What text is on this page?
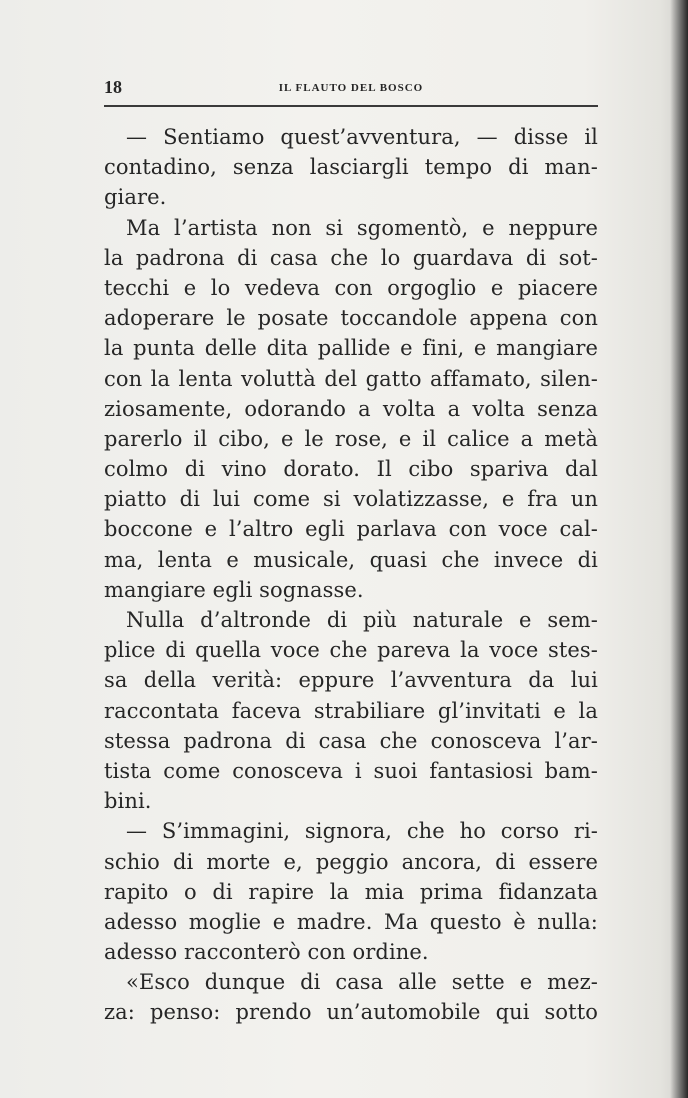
18	IL FLAUTO DEL BOSCO
— Sentiamo quest’avventura, — disse il
contadino, senza lasciargli tempo di man-
giare.
Ma l’artista non si sgomentò, e neppure
la padrona di casa che lo guardava di sot-
tecchi e lo vedeva con orgoglio e piacere
adoperare le posate toccandole appena con
la punta delle dita pallide e fini, e mangiare
con la lenta voluttà del gatto affamato, silen-
ziosamente, odorando a volta a volta senza
parerlo il cibo, e le rose, e il calice a metà
colmo di vino dorato. Il cibo spariva dal
piatto di lui come si volatizzasse, e fra un
boccone e l’altro egli parlava con voce cal-
ma, lenta e musicale, quasi che invece di
mangiare egli sognasse.
Nulla d’altronde di più naturale e sem-
plice di quella voce che pareva la voce stes-
sa della verità: eppure l’avventura da lui
raccontata faceva strabiliare gl’invitati e la
stessa padrona di casa che conosceva l’ar-
tista come conosceva i suoi fantasiosi bam-
bini.
— S’immagini, signora, che ho corso ri-
schio di morte e, peggio ancora, di essere
rapito o di rapire la mia prima fidanzata
adesso moglie e madre. Ma questo è nulla:
adesso racconterò con ordine.
«Esco dunque di casa alle sette e mez-
za: penso: prendo un’automobile qui sotto
